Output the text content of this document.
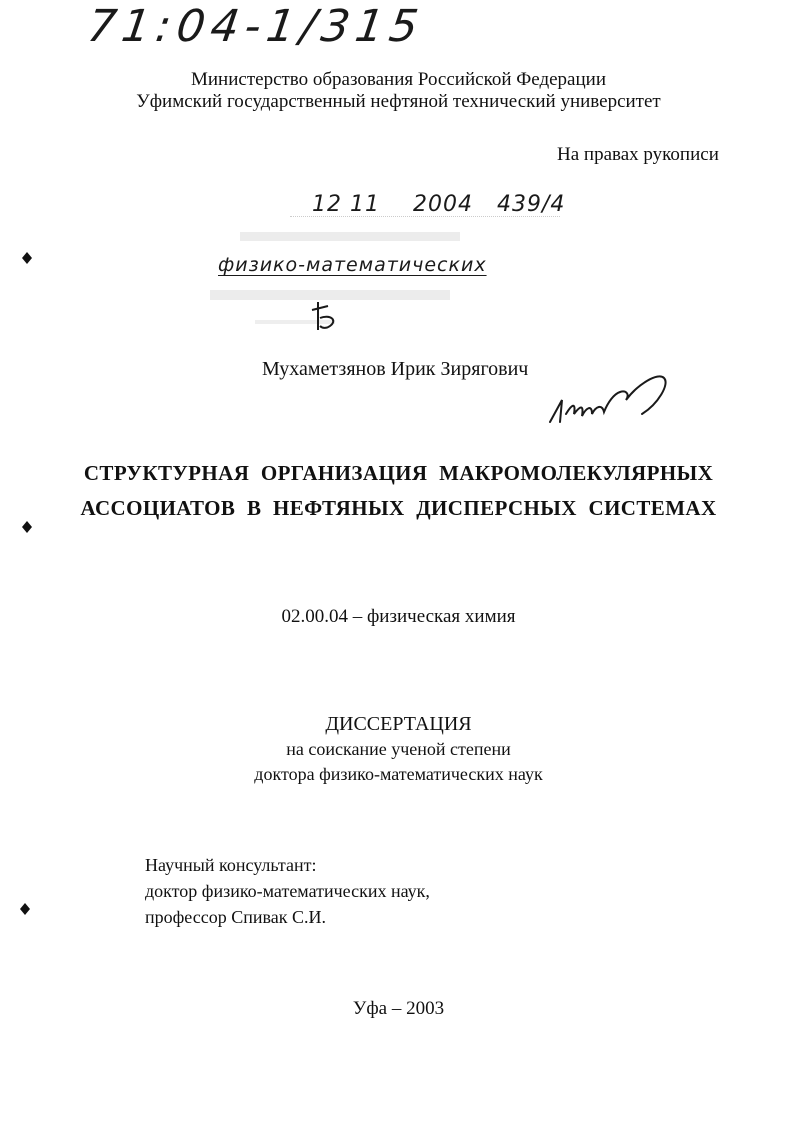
71:04-1/315
Министерство образования Российской Федерации
Уфимский государственный нефтяной технический университет
На правах рукописи
12 11 2004 439/4
физико-математических
Мухаметзянов Ирик Зирягович
СТРУКТУРНАЯ ОРГАНИЗАЦИЯ МАКРОМОЛЕКУЛЯРНЫХ
АССОЦИАТОВ В НЕФТЯНЫХ ДИСПЕРСНЫХ СИСТЕМАХ
02.00.04 – физическая химия
ДИССЕРТАЦИЯ
на соискание ученой степени
доктора физико-математических наук
Научный консультант:
доктор физико-математических наук,
профессор Спивак С.И.
Уфа – 2003
